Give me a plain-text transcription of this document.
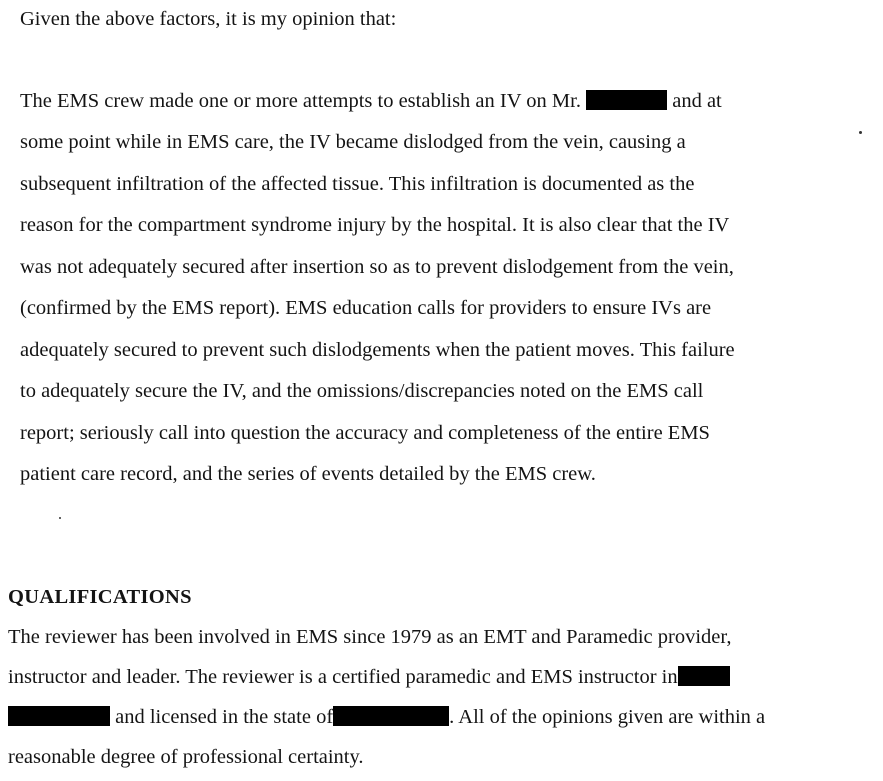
Given the above factors, it is my opinion that:
The EMS crew made one or more attempts to establish an IV on Mr.	and at
some point while in EMS care, the IV became dislodged from the vein, causing a
subsequent infiltration of the affected tissue. This infiltration is documented as the
reason for the compartment syndrome injury by the hospital. It is also clear that the IV
was not adequately secured after insertion so as to prevent dislodgement from the vein,
(confirmed by the EMS report). EMS education calls for providers to ensure IVs are
adequately secured to prevent such dislodgements when the patient moves. This failure
to adequately secure the IV, and the omissions/discrepancies noted on the EMS call
report; seriously call into question the accuracy and completeness of the entire EMS
patient care record, and the series of events detailed by the EMS crew.
QUALIFICATIONS
The reviewer has been involved in EMS since 1979 as an EMT and Paramedic provider,
instructor and leader. The reviewer is a certified paramedic and EMS instructor in
and licensed in the state of	. All of the opinions given are within a
reasonable degree of professional certainty.
